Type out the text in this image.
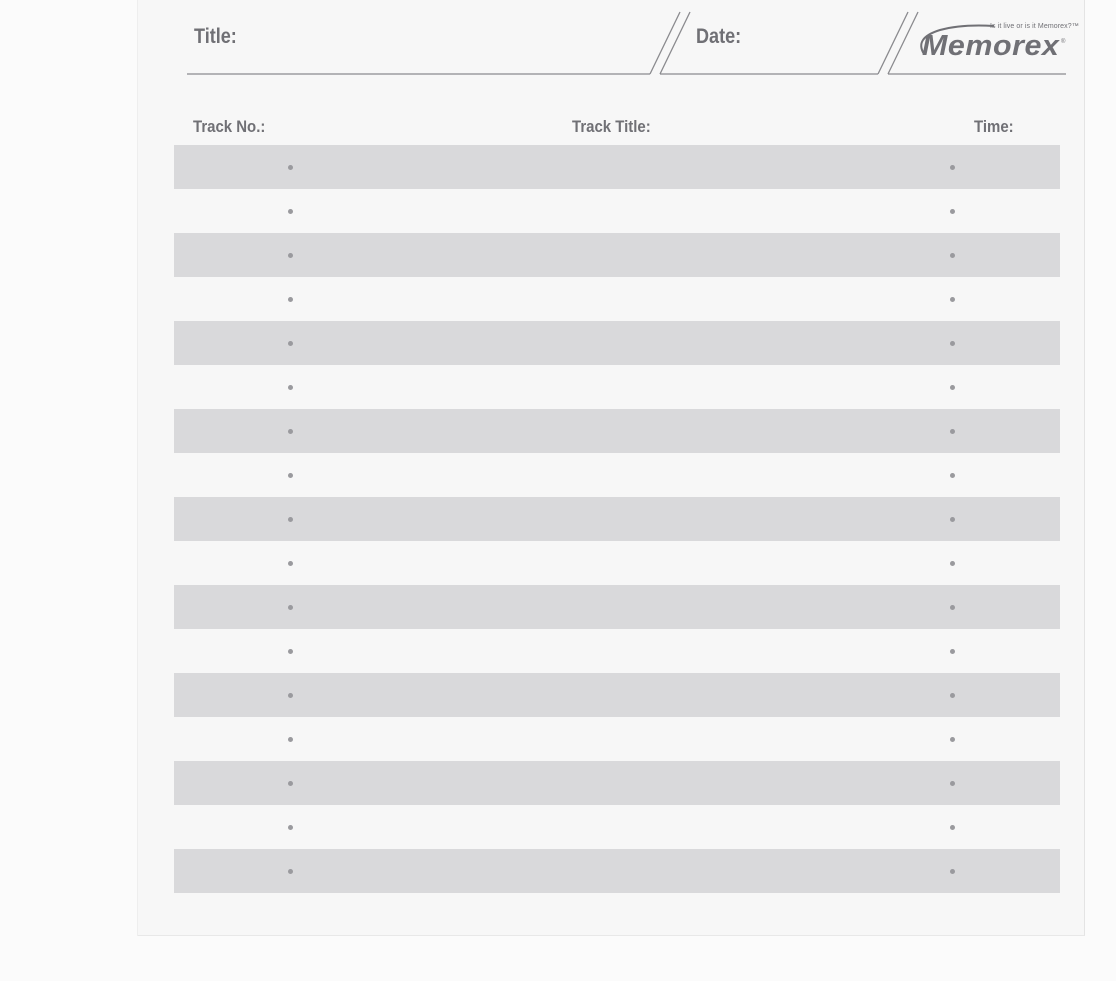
Title:	Date:	Is it live or is it Memorex?™
Memorex ®
Track No.:	Track Title:	Time:
